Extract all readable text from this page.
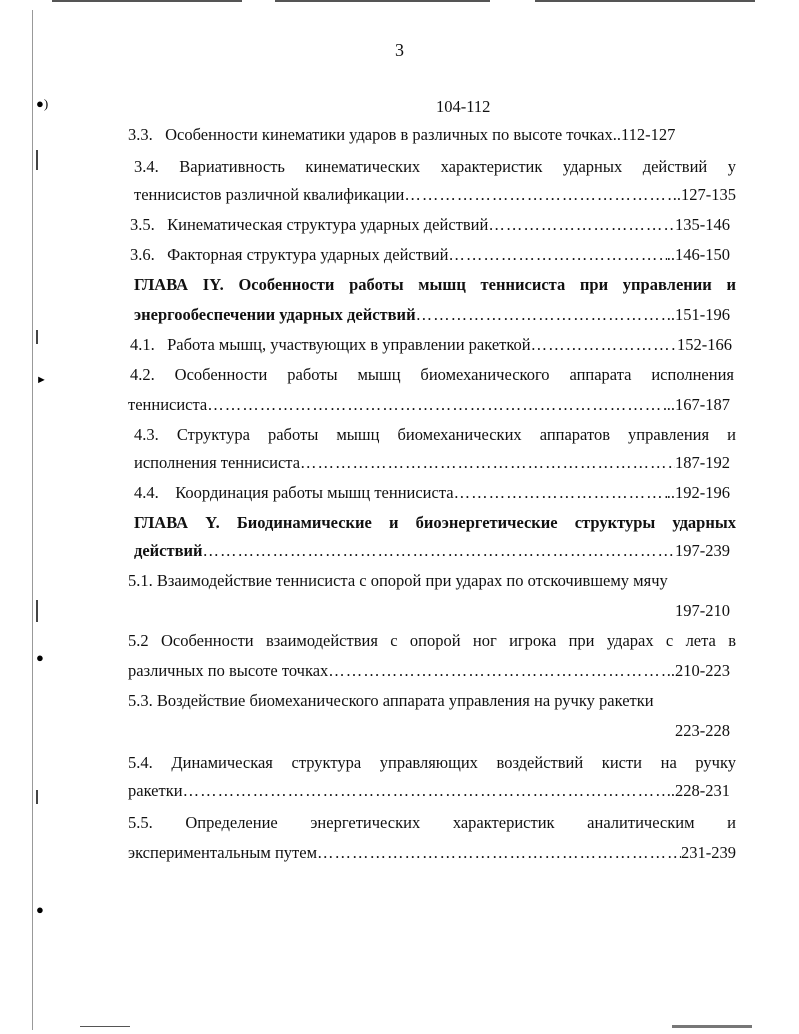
●)
►
●
●
3
104-112
3.3.   Особенности кинематики ударов в различных по высоте точках .. 112-127
3.4. Вариативность кинематических характеристик ударных действий у
теннисистов различной квалификации ……………………………………………………………………………………………………………………………………	..127-135
3.5.   Кинематическая структура ударных действий ……………………………………………………………………………………………………………………………………	135-146
3.6.   Факторная структура ударных действий ……………………………………………………………………………………………………………………………………	..146-150
ГЛАВА IY. Особенности работы мышц теннисиста при управлении и
энергообеспечении ударных действий ……………………………………………………………………………………………………………………………………	..151-196
4.1.   Работа мышц, участвующих в управлении ракеткой ……………………………………………………………………………………………………………………………………	152-166
4.2. Особенности работы мышц биомеханического аппарата исполнения
теннисиста ……………………………………………………………………………………………………………………………………	..167-187
4.3. Структура работы мышц биомеханических аппаратов управления и
исполнения теннисиста ……………………………………………………………………………………………………………………………………	187-192
4.4.    Координация работы мышц теннисиста ……………………………………………………………………………………………………………………………………	..192-196
ГЛАВА Y. Биодинамические и биоэнергетические структуры ударных
действий ……………………………………………………………………………………………………………………………………	197-239
5.1. Взаимодействие теннисиста с опорой при ударах по отскочившему мячу
197-210
5.2 Особенности взаимодействия с опорой ног игрока при ударах с лета в
различных по высоте точках ……………………………………………………………………………………………………………………………………	..210-223
5.3. Воздействие биомеханического аппарата управления на ручку ракетки
223-228
5.4. Динамическая структура управляющих воздействий кисти на ручку
ракетки ……………………………………………………………………………………………………………………………………	..228-231
5.5. Определение энергетических характеристик аналитическим и
экспериментальным путем ……………………………………………………………………………………………………………………………………	231-239
